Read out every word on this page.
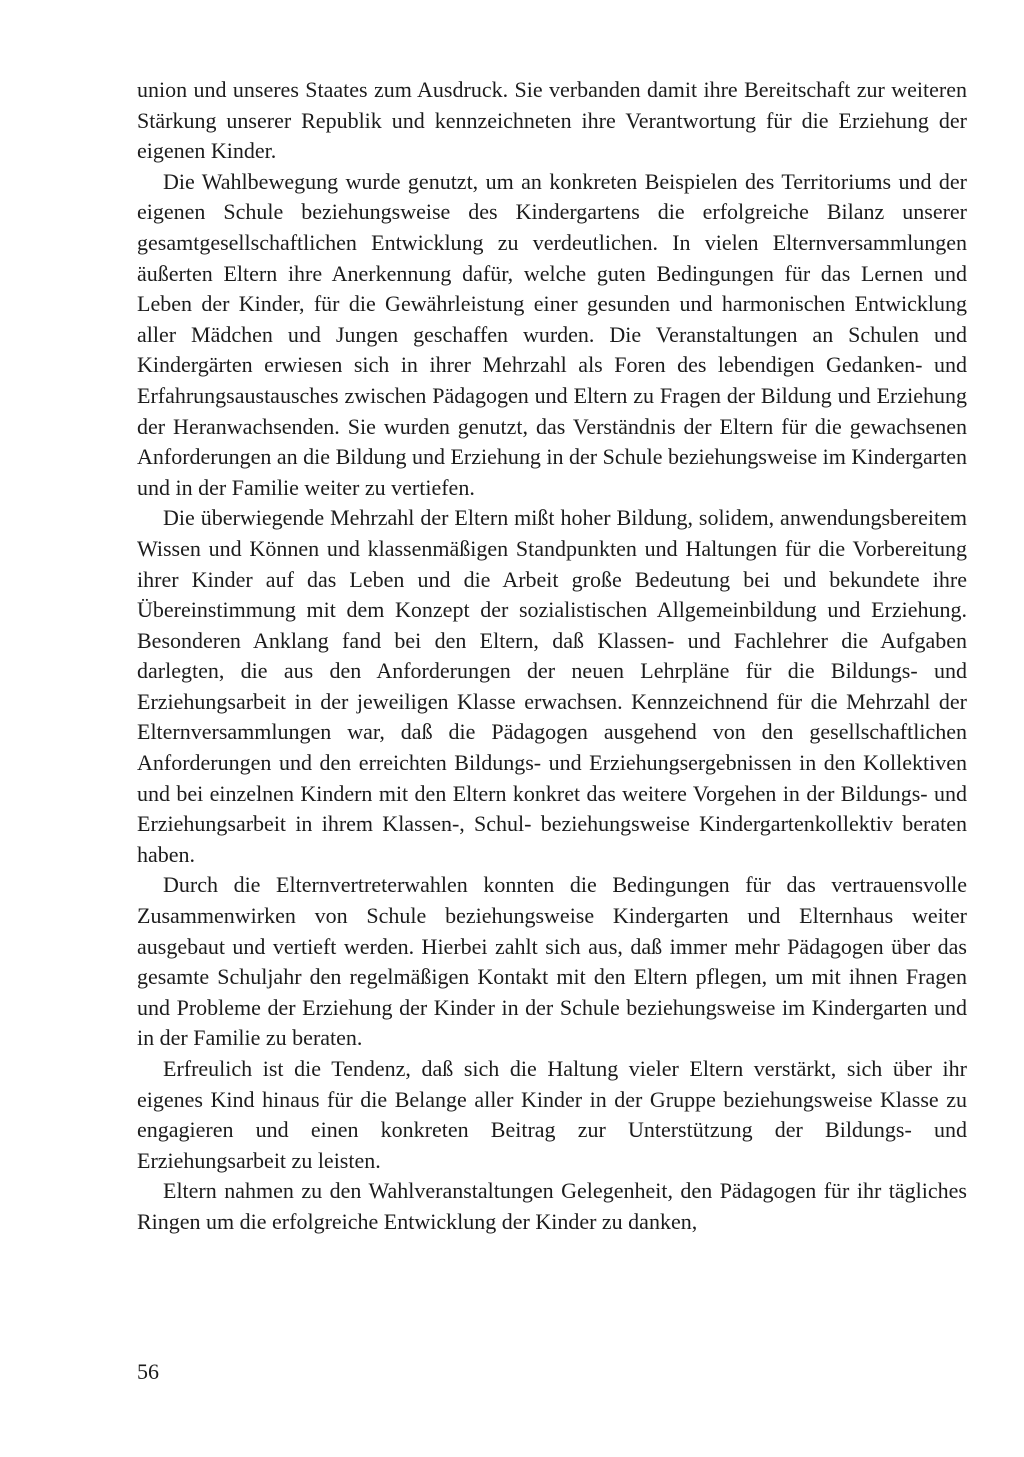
union und unseres Staates zum Ausdruck. Sie verbanden damit ihre Bereitschaft zur weiteren Stärkung unserer Republik und kennzeichneten ihre Verantwortung für die Erziehung der eigenen Kinder.

Die Wahlbewegung wurde genutzt, um an konkreten Beispielen des Territoriums und der eigenen Schule beziehungsweise des Kindergartens die erfolgreiche Bilanz unserer gesamtgesellschaftlichen Entwicklung zu verdeutlichen. In vielen Elternversammlungen äußerten Eltern ihre Anerkennung dafür, welche guten Bedingungen für das Lernen und Leben der Kinder, für die Gewährleistung einer gesunden und harmonischen Entwicklung aller Mädchen und Jungen geschaffen wurden. Die Veranstaltungen an Schulen und Kindergärten erwiesen sich in ihrer Mehrzahl als Foren des lebendigen Gedanken- und Erfahrungsaustausches zwischen Pädagogen und Eltern zu Fragen der Bildung und Erziehung der Heranwachsenden. Sie wurden genutzt, das Verständnis der Eltern für die gewachsenen Anforderungen an die Bildung und Erziehung in der Schule beziehungsweise im Kindergarten und in der Familie weiter zu vertiefen.

Die überwiegende Mehrzahl der Eltern mißt hoher Bildung, solidem, anwendungsbereitem Wissen und Können und klassenmäßigen Standpunkten und Haltungen für die Vorbereitung ihrer Kinder auf das Leben und die Arbeit große Bedeutung bei und bekundete ihre Übereinstimmung mit dem Konzept der sozialistischen Allgemeinbildung und Erziehung. Besonderen Anklang fand bei den Eltern, daß Klassen- und Fachlehrer die Aufgaben darlegten, die aus den Anforderungen der neuen Lehrpläne für die Bildungs- und Erziehungsarbeit in der jeweiligen Klasse erwachsen. Kennzeichnend für die Mehrzahl der Elternversammlungen war, daß die Pädagogen ausgehend von den gesellschaftlichen Anforderungen und den erreichten Bildungs- und Erziehungsergebnissen in den Kollektiven und bei einzelnen Kindern mit den Eltern konkret das weitere Vorgehen in der Bildungs- und Erziehungsarbeit in ihrem Klassen-, Schul- beziehungsweise Kindergartenkollektiv beraten haben.

Durch die Elternvertreterwahlen konnten die Bedingungen für das vertrauensvolle Zusammenwirken von Schule beziehungsweise Kindergarten und Elternhaus weiter ausgebaut und vertieft werden. Hierbei zahlt sich aus, daß immer mehr Pädagogen über das gesamte Schuljahr den regelmäßigen Kontakt mit den Eltern pflegen, um mit ihnen Fragen und Probleme der Erziehung der Kinder in der Schule beziehungsweise im Kindergarten und in der Familie zu beraten.

Erfreulich ist die Tendenz, daß sich die Haltung vieler Eltern verstärkt, sich über ihr eigenes Kind hinaus für die Belange aller Kinder in der Gruppe beziehungsweise Klasse zu engagieren und einen konkreten Beitrag zur Unterstützung der Bildungs- und Erziehungsarbeit zu leisten.

Eltern nahmen zu den Wahlveranstaltungen Gelegenheit, den Pädagogen für ihr tägliches Ringen um die erfolgreiche Entwicklung der Kinder zu danken,

56
